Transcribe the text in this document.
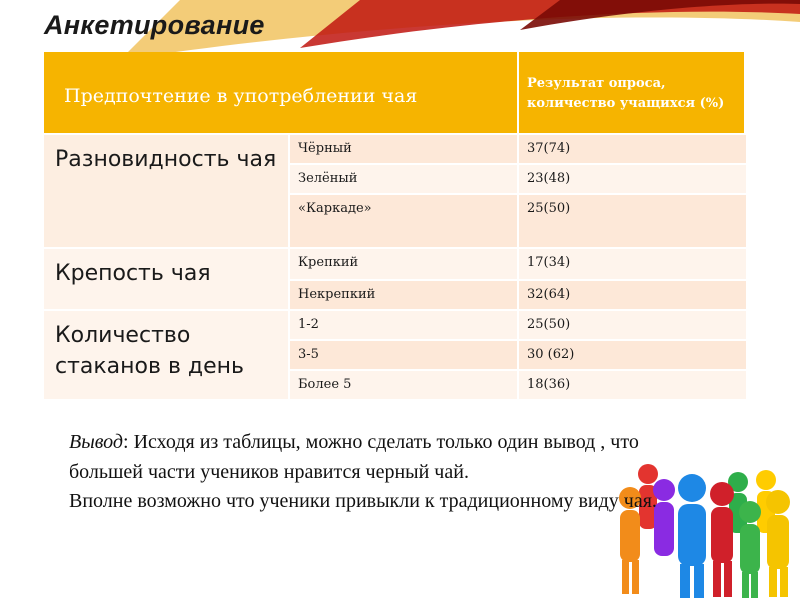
Анкетирование
Предпочтение в употреблении чая		Результат опроса, количество учащихся (%)

Разновидность чая	Чёрный	37(74)

	Зелёный	23(48)

	«Каркаде»	25(50)

Крепость чая	Крепкий	17(34)

	Некрепкий	32(64)

Количество стаканов в день	1-2	25(50)

	3-5	30 (62)

	Более 5	18(36)
Вывод: Исходя из таблицы, можно сделать только один вывод , что большей части учеников нравится черный чай.
Вполне возможно что ученики привыкли к традиционному виду чая.
